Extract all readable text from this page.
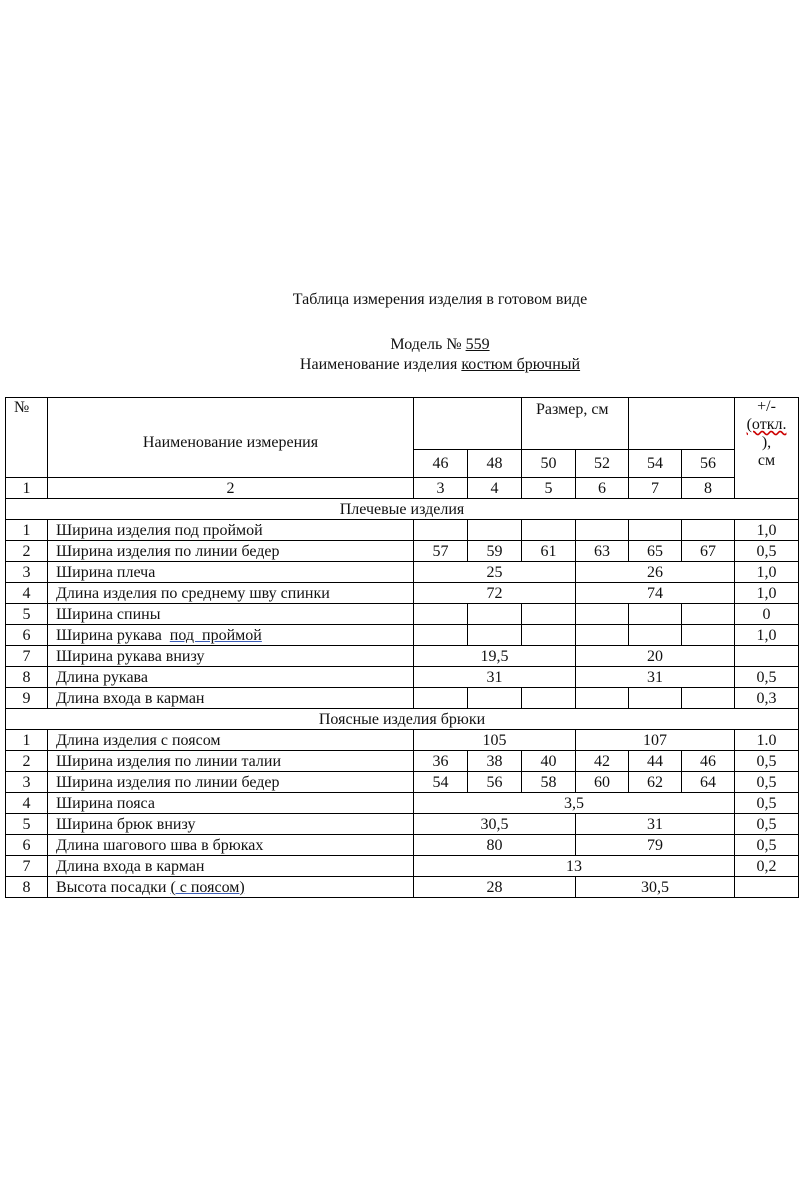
Таблица измерения изделия в готовом виде
Модель № 559
Наименование изделия костюм брючный
№	Наименование измерения			Размер, см				+/-
(откл.
),
см

		46	48	50	52	54	56	
1	2	3	4	5	6	7	8	
Плечевые изделия								
1	Ширина изделия под проймой							1,0
2	Ширина изделия по линии бедер	57	59	61	63	65	67	0,5
3	Ширина плеча	25			26			1,0
4	Длина изделия по среднему шву спинки	72			74			1,0
5	Ширина спины							0
6	Ширина рукава  под  проймой							1,0
7	Ширина рукава внизу	19,5			20			
8	Длина рукава	31			31			0,5
9	Длина входа в карман							0,3
Поясные изделия брюки								
1	Длина изделия с поясом	105			107			1.0
2	Ширина изделия по линии талии	36	38	40	42	44	46	0,5
3	Ширина изделия по линии бедер	54	56	58	60	62	64	0,5
4	Ширина пояса	3,5						0,5
5	Ширина брюк внизу	30,5			31			0,5
6	Длина шагового шва в брюках	80			79			0,5
7	Длина входа в карман	13						0,2
8	Высота посадки ( с поясом)	28			30,5			
